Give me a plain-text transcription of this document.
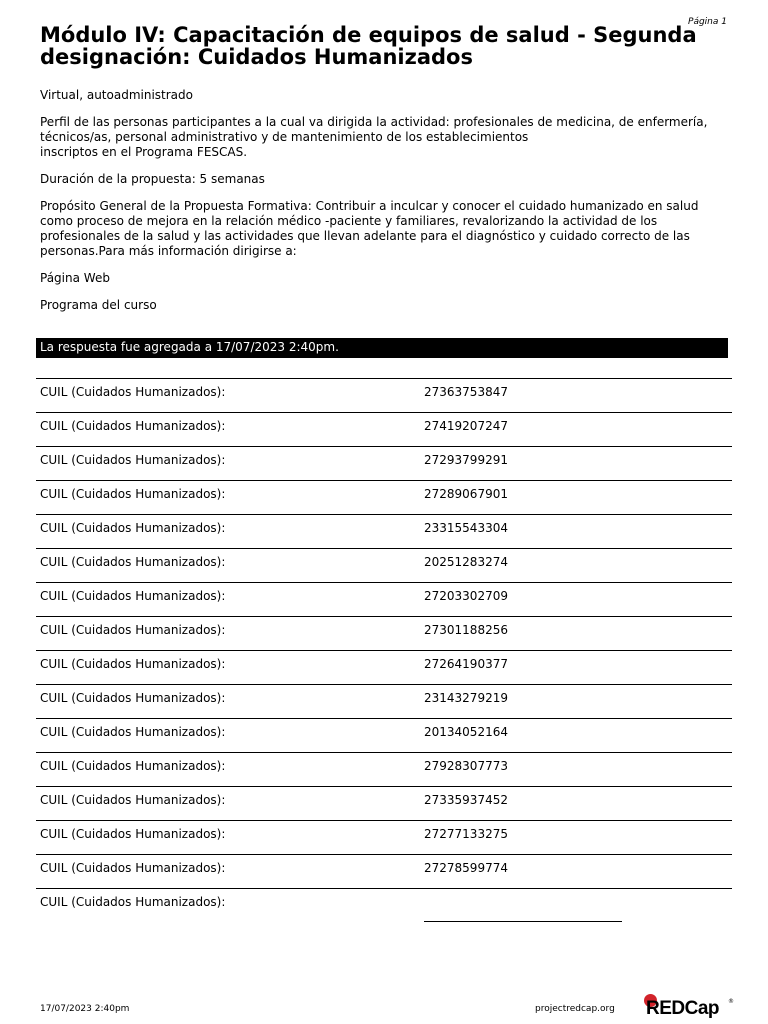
Página 1
Módulo IV: Capacitación de equipos de salud - Segunda designación: Cuidados Humanizados

Virtual, autoadministrado

Perfil de las personas participantes a la cual va dirigida la actividad: profesionales de medicina, de enfermería, técnicos/as, personal administrativo y de mantenimiento de los establecimientos
inscriptos en el Programa FESCAS.

Duración de la propuesta: 5 semanas

Propósito General de la Propuesta Formativa: Contribuir a inculcar y conocer el cuidado humanizado en salud como proceso de mejora en la relación médico -paciente y familiares, revalorizando la actividad de los profesionales de la salud y las actividades que llevan adelante para el diagnóstico y cuidado correcto de las personas.Para más información dirigirse a:

Página Web

Programa del curso

La respuesta fue agregada a 17/07/2023 2:40pm.
CUIL (Cuidados Humanizados):	27363753847
CUIL (Cuidados Humanizados):	27419207247
CUIL (Cuidados Humanizados):	27293799291
CUIL (Cuidados Humanizados):	27289067901
CUIL (Cuidados Humanizados):	23315543304
CUIL (Cuidados Humanizados):	20251283274
CUIL (Cuidados Humanizados):	27203302709
CUIL (Cuidados Humanizados):	27301188256
CUIL (Cuidados Humanizados):	27264190377
CUIL (Cuidados Humanizados):	23143279219
CUIL (Cuidados Humanizados):	20134052164
CUIL (Cuidados Humanizados):	27928307773
CUIL (Cuidados Humanizados):	27335937452
CUIL (Cuidados Humanizados):	27277133275
CUIL (Cuidados Humanizados):	27278599774
CUIL (Cuidados Humanizados):
17/07/2023 2:40pm	projectredcap.org REDCap ®
